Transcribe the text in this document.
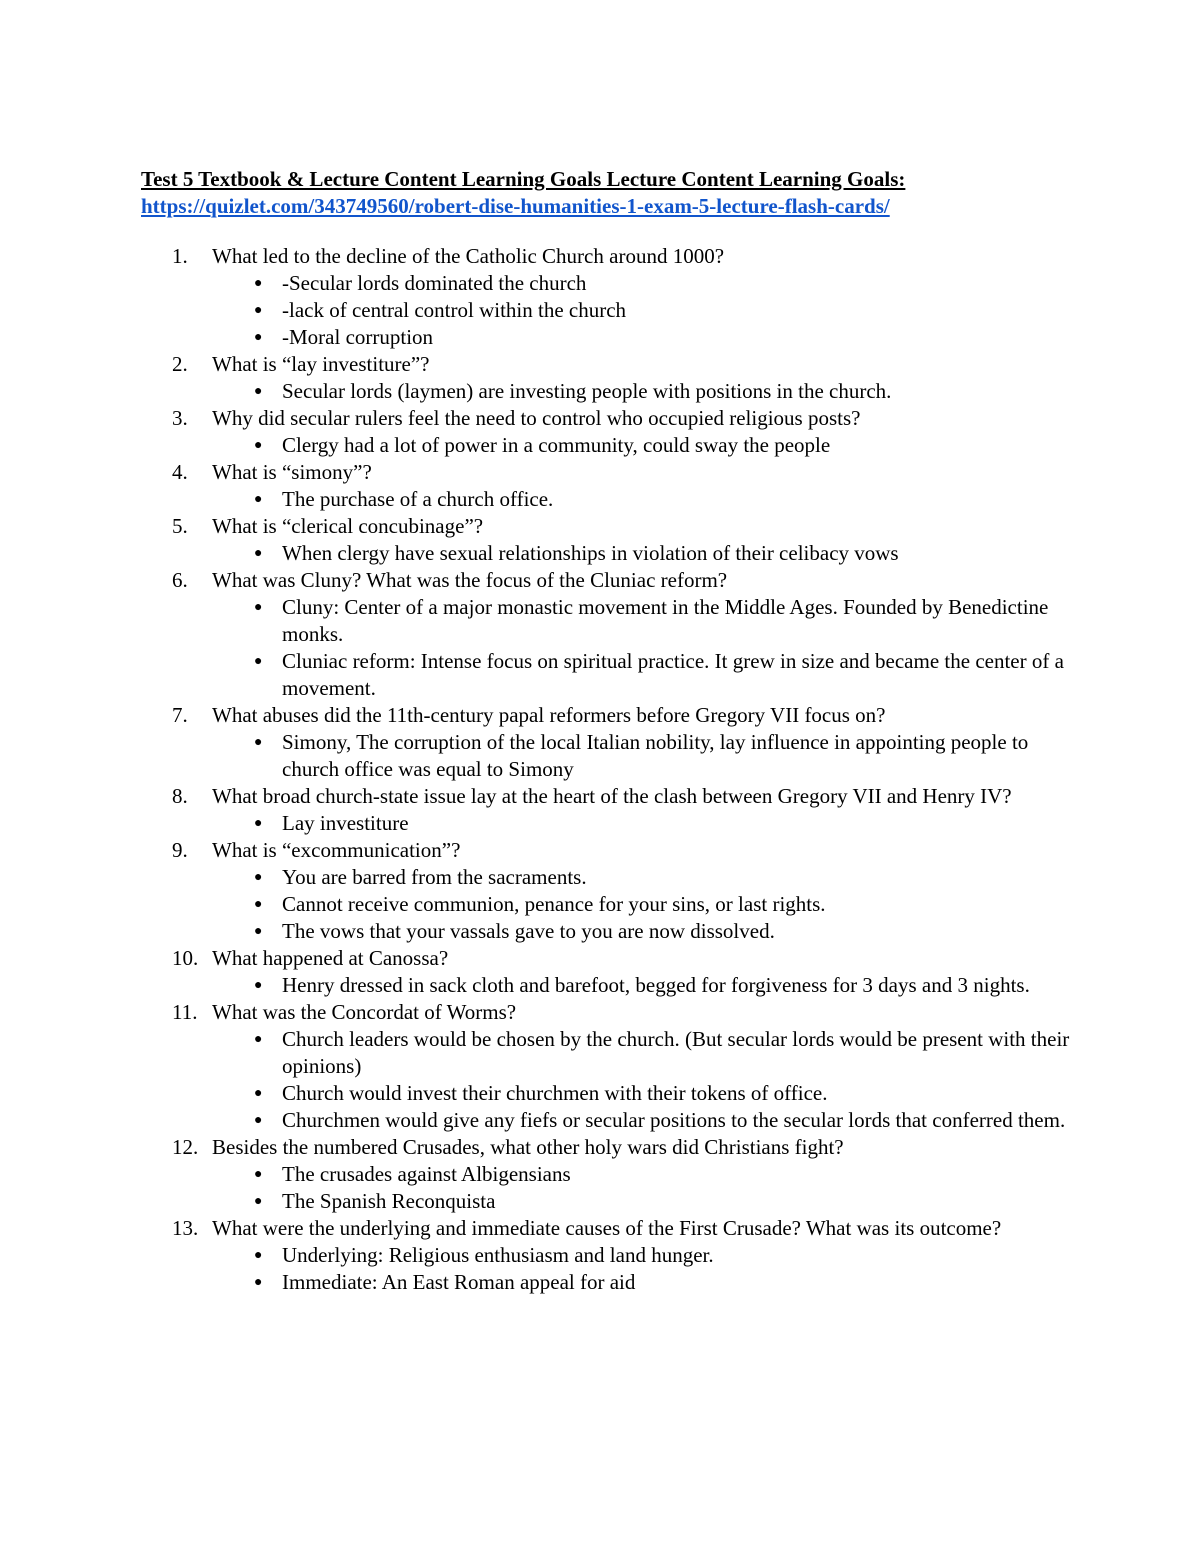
Test 5 Textbook & Lecture Content Learning Goals Lecture Content Learning Goals:
https://quizlet.com/343749560/robert-dise-humanities-1-exam-5-lecture-flash-cards/
1. What led to the decline of the Catholic Church around 1000?
● -Secular lords dominated the church
● -lack of central control within the church
● -Moral corruption
2. What is “lay investiture”?
● Secular lords (laymen) are investing people with positions in the church.
3. Why did secular rulers feel the need to control who occupied religious posts?
● Clergy had a lot of power in a community, could sway the people
4. What is “simony”?
● The purchase of a church office.
5. What is “clerical concubinage”?
● When clergy have sexual relationships in violation of their celibacy vows
6. What was Cluny? What was the focus of the Cluniac reform?
● Cluny: Center of a major monastic movement in the Middle Ages. Founded by Benedictine monks.
● Cluniac reform: Intense focus on spiritual practice. It grew in size and became the center of a movement.
7. What abuses did the 11th-century papal reformers before Gregory VII focus on?
● Simony, The corruption of the local Italian nobility, lay influence in appointing people to church office was equal to Simony
8. What broad church-state issue lay at the heart of the clash between Gregory VII and Henry IV?
● Lay investiture
9. What is “excommunication”?
● You are barred from the sacraments.
● Cannot receive communion, penance for your sins, or last rights.
● The vows that your vassals gave to you are now dissolved.
10. What happened at Canossa?
● Henry dressed in sack cloth and barefoot, begged for forgiveness for 3 days and 3 nights.
11. What was the Concordat of Worms?
● Church leaders would be chosen by the church. (But secular lords would be present with their opinions)
● Church would invest their churchmen with their tokens of office.
● Churchmen would give any fiefs or secular positions to the secular lords that conferred them.
12. Besides the numbered Crusades, what other holy wars did Christians fight?
● The crusades against Albigensians
● The Spanish Reconquista
13. What were the underlying and immediate causes of the First Crusade? What was its outcome?
● Underlying: Religious enthusiasm and land hunger.
● Immediate: An East Roman appeal for aid
